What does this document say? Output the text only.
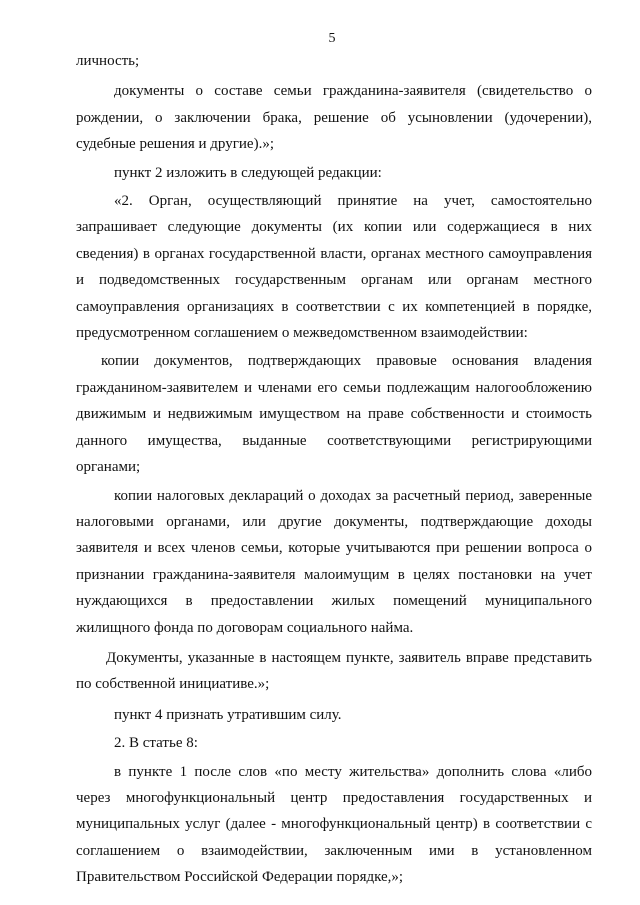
5

личность;

документы о составе семьи гражданина-заявителя (свидетельство о рождении, о заключении брака, решение об усыновлении (удочерении), судебные решения и другие).»;

пункт 2 изложить в следующей редакции:

«2. Орган, осуществляющий принятие на учет, самостоятельно запрашивает следующие документы (их копии или содержащиеся в них сведения) в органах государственной власти, органах местного самоуправления и подведомственных государственным органам или органам местного самоуправления организациях в соответствии с их компетенцией в порядке, предусмотренном соглашением о межведомственном взаимодействии:

копии документов, подтверждающих правовые основания владения гражданином-заявителем и членами его семьи подлежащим налогообложению движимым и недвижимым имуществом на праве собственности и стоимость данного имущества, выданные соответствующими регистрирующими органами;

копии налоговых деклараций о доходах за расчетный период, заверенные налоговыми органами, или другие документы, подтверждающие доходы заявителя и всех членов семьи, которые учитываются при решении вопроса о признании гражданина-заявителя малоимущим в целях постановки на учет нуждающихся в предоставлении жилых помещений муниципального жилищного фонда по договорам социального найма.

Документы, указанные в настоящем пункте, заявитель вправе представить по собственной инициативе.»;

пункт 4 признать утратившим силу.

2. В статье 8:

в пункте 1 после слов «по месту жительства» дополнить слова «либо через многофункциональный центр предоставления государственных и муниципальных услуг (далее - многофункциональный центр) в соответствии с соглашением о взаимодействии, заключенным ими в установленном Правительством Российской Федерации порядке,»;
